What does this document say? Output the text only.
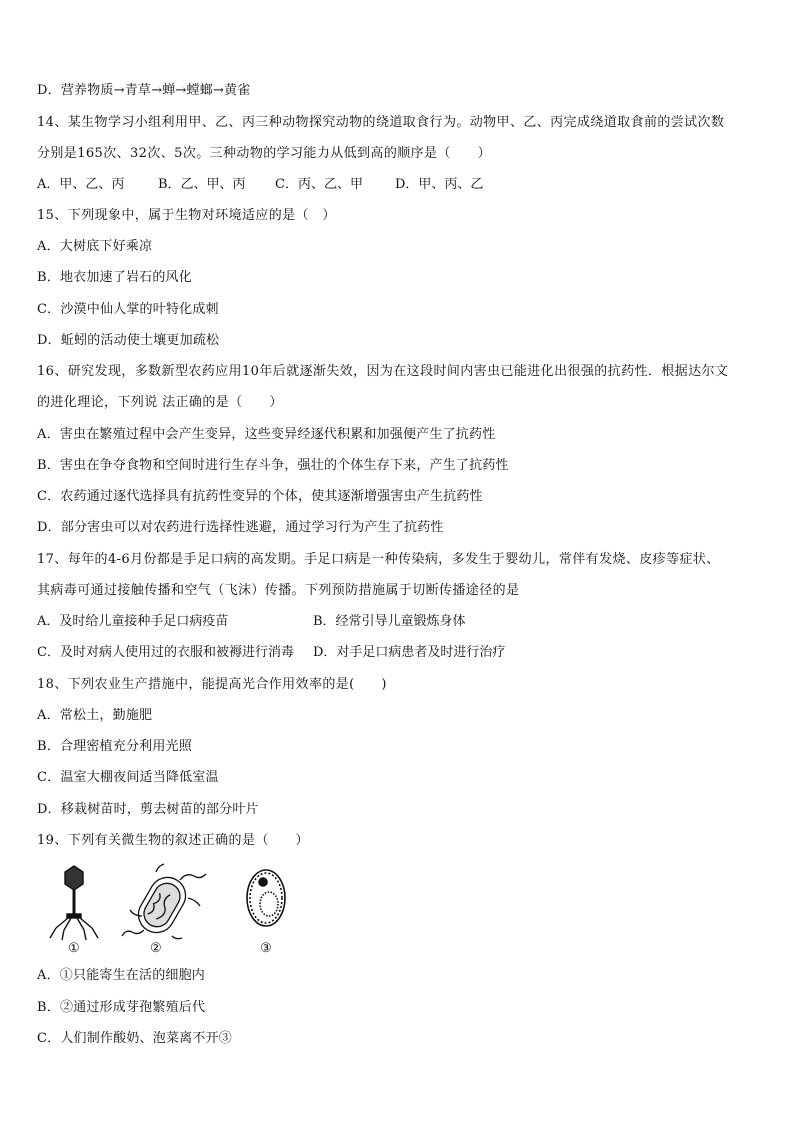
D．营养物质→青草→蝉→螳螂→黄雀
14、某生物学习小组利用甲、乙、丙三种动物探究动物的绕道取食行为。动物甲、乙、丙完成绕道取食前的尝试次数
分别是165次、32次、5次。三种动物的学习能力从低到高的顺序是（　　）
A．甲、乙、丙	B．乙、甲、丙 C．丙、乙、甲 D．甲、丙、乙
15、下列现象中，属于生物对环境适应的是（　）
A．大树底下好乘凉
B．地衣加速了岩石的风化
C．沙漠中仙人掌的叶特化成刺
D．蚯蚓的活动使土壤更加疏松
16、研究发现，多数新型农药应用10年后就逐渐失效，因为在这段时间内害虫已能进化出很强的抗药性．根据达尔文
的进化理论，下列说 法正确的是（　　）
A．害虫在繁殖过程中会产生变异，这些变异经逐代积累和加强便产生了抗药性
B．害虫在争夺食物和空间时进行生存斗争，强壮的个体生存下来，产生了抗药性
C．农药通过逐代选择具有抗药性变异的个体，使其逐渐增强害虫产生抗药性
D．部分害虫可以对农药进行选择性逃避，通过学习行为产生了抗药性
17、每年的4-6月份都是手足口病的高发期。手足口病是一种传染病，多发生于婴幼儿，常伴有发烧、皮疹等症状、
其病毒可通过接触传播和空气（飞沫）传播。下列预防措施属于切断传播途径的是
A．及时给儿童接种手足口病疫苗	B．经常引导儿童锻炼身体
C．及时对病人使用过的衣服和被褥进行消毒 D．对手足口病患者及时进行治疗
18、下列农业生产措施中，能提高光合作用效率的是(　　)
A．常松土，勤施肥
B．合理密植充分利用光照
C．温室大棚夜间适当降低室温
D．移栽树苗时，剪去树苗的部分叶片
19、下列有关微生物的叙述正确的是（　　）
①	②	③
A．①只能寄生在活的细胞内
B．②通过形成芽孢繁殖后代
C．人们制作酸奶、泡菜离不开③
